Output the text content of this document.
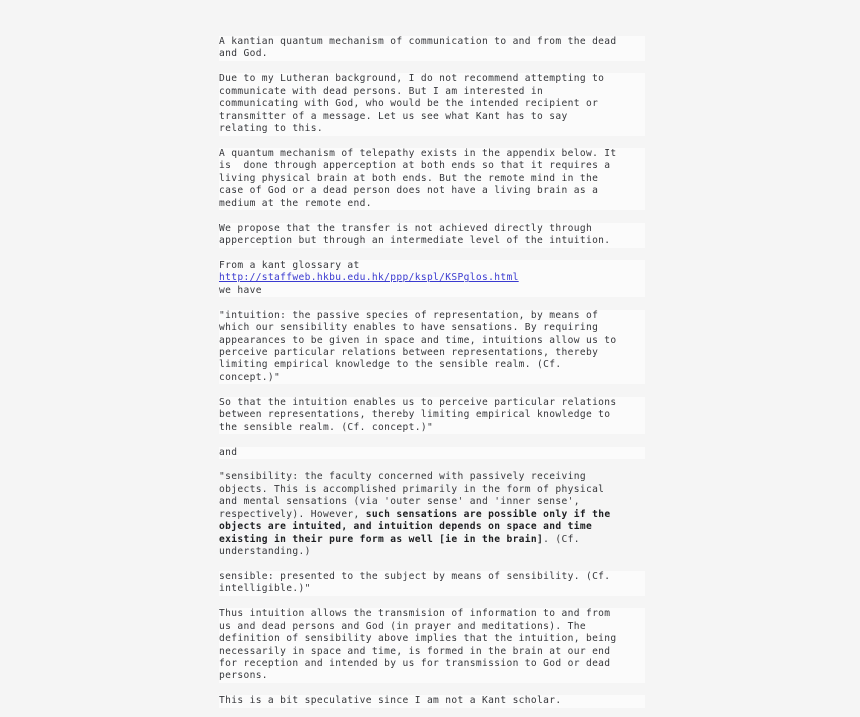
A kantian quantum mechanism of communication to and from the dead
and God.

Due to my Lutheran background, I do not recommend attempting to
communicate with dead persons. But I am interested in
communicating with God, who would be the intended recipient or
transmitter of a message. Let us see what Kant has to say
relating to this.

A quantum mechanism of telepathy exists in the appendix below. It
is  done through apperception at both ends so that it requires a
living physical brain at both ends. But the remote mind in the
case of God or a dead person does not have a living brain as a
medium at the remote end.

We propose that the transfer is not achieved directly through
apperception but through an intermediate level of the intuition.

From a kant glossary at
http://staffweb.hkbu.edu.hk/ppp/kspl/KSPglos.html
we have

"intuition: the passive species of representation, by means of
which our sensibility enables to have sensations. By requiring
appearances to be given in space and time, intuitions allow us to
perceive particular relations between representations, thereby
limiting empirical knowledge to the sensible realm. (Cf.
concept.)"

So that the intuition enables us to perceive particular relations
between representations, thereby limiting empirical knowledge to
the sensible realm. (Cf. concept.)"

and

"sensibility: the faculty concerned with passively receiving
objects. This is accomplished primarily in the form of physical
and mental sensations (via 'outer sense' and 'inner sense',
respectively). However, such sensations are possible only if the
objects are intuited, and intuition depends on space and time
existing in their pure form as well [ie in the brain]. (Cf.
understanding.)

sensible: presented to the subject by means of sensibility. (Cf.
intelligible.)"

Thus intuition allows the transmision of information to and from
us and dead persons and God (in prayer and meditations). The
definition of sensibility above implies that the intuition, being
necessarily in space and time, is formed in the brain at our end
for reception and intended by us for transmission to God or dead
persons.

This is a bit speculative since I am not a Kant scholar.
